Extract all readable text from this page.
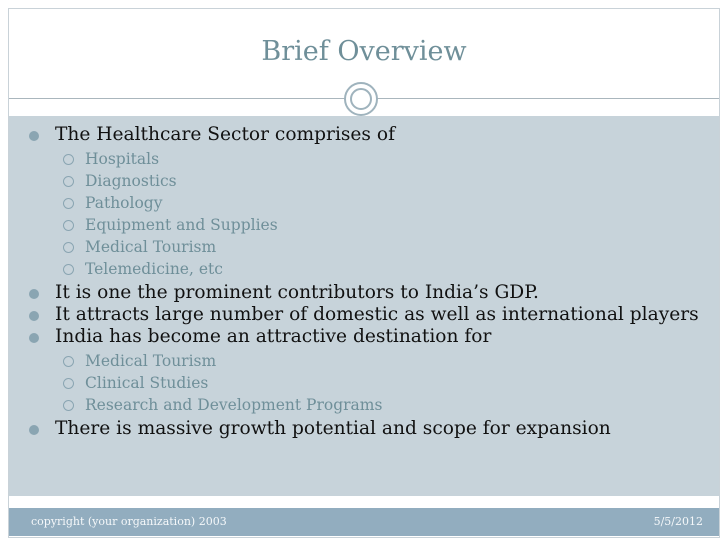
Brief Overview
The Healthcare Sector comprises of
Hospitals
Diagnostics
Pathology
Equipment and Supplies
Medical Tourism
Telemedicine, etc
It is one the prominent contributors to India’s GDP.
It attracts large number of domestic as well as international players
India has become an attractive destination for
Medical Tourism
Clinical Studies
Research and Development Programs
There is massive growth potential and scope for expansion
copyright (your organization) 2003	5/5/2012
